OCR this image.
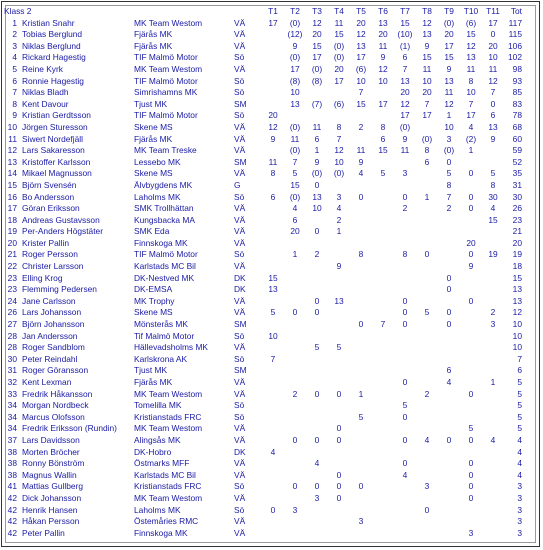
Klass 2				T1	T2	T3	T4	T5	T6	T7	T8	T9	T10	T11	Tot
1	Kristian Snahr	MK Team Westom	VÄ	17	(0)	12	11	20	13	15	12	(0)	(6)	17	117
2	Tobias Berglund	Fjärås MK	VÄ		(12)	20	15	12	20	(10)	13	20	15	0	115
3	Niklas Berglund	Fjärås MK	VÄ		9	15	(0)	13	11	(1)	9	17	12	20	106
4	Rickard Hagestig	TIF Malmö Motor	Sö		(0)	17	(0)	17	9	6	15	15	13	10	102
5	Reine Kyrk	MK Team Westom	VÄ		17	(0)	20	(6)	12	7	11	9	11	11	98
6	Ronnie Hagestig	TIF Malmö Motor	Sö		(8)	(8)	17	10	10	13	10	13	8	12	93
7	Niklas Bladh	Simrishamns MK	Sö		10			7		20	20	11	10	7	85
8	Kent Davour	Tjust MK	SM		13	(7)	(6)	15	17	12	7	12	7	0	83
9	Kristian Gerdtsson	TIF Malmö Motor	Sö	20						17	17	1	17	6	78
10	Jörgen Sturesson	Skene MS	VÄ	12	(0)	11	8	2	8	(0)		10	4	13	68
11	Siwert Nordefjäll	Fjärås MK	VÄ	9	11	6	7		6	9	(0)	3	(2)	9	60
12	Lars Sakaresson	MK Team Treske	VÄ		(0)	1	12	11	15	11	8	(0)	1		59
13	Kristoffer Karlsson	Lessebo MK	SM	11	7	9	10	9			6	0			52
14	Mikael Magnusson	Skene MS	VÄ	8	5	(0)	(0)	4	5	3		5	0	5	35
15	Björn Svensén	Älvbygdens MK	G		15	0						8		8	31
16	Bo Andersson	Laholms MK	Sö	6	(0)	13	3	0		0	1	7	0	30	30
17	Göran Eriksson	SMK Trollhättan	VÄ		4	10	4			2		2	0	4	26
18	Andreas Gustavsson	Kungsbacka MA	VÄ		6		2							15	23
19	Per-Anders Högstäter	SMK Eda	VÄ		20	0	1								21
20	Krister Pallin	Finnskoga MK	VÄ										20		20
21	Roger Persson	TIF Malmö Motor	Sö		1	2		8		8	0		0	19	19
22	Christer Larsson	Karlstads MC Bil	VÄ				9						9		18
23	Elling Krog	DK-Nestved MK	DK	15								0			15
23	Flemming Pedersen	DK-EMSA	DK	13								0			13
24	Jane Carlsson	MK Trophy	VÄ			0	13			0			0		13
26	Lars Johansson	Skene MS	VÄ	5	0	0				0	5	0		2	12
27	Björn Johansson	Mönsterås MK	SM					0	7	0		0		3	10
28	Jan Andersson	Tif Malmö Motor	Sö	10											10
28	Roger Sandblom	Hällevadsholms MK	VÄ			5	5								10
30	Peter Reindahl	Karlskrona AK	Sö	7											7
31	Roger Göransson	Tjust MK	SM									6			6
32	Kent Lexman	Fjärås MK	VÄ							0		4		1	5
33	Fredrik Håkansson	MK Team Westom	VÄ		2	0	0	1			2		0		5
34	Morgan Nordbeck	Tomelilla MK	Sö							5					5
34	Marcus Olofsson	Kristianstads FRC	Sö					5		0					5
34	Fredrik Eriksson (Rundin)	MK Team Westom	VÄ				0						5		5
37	Lars Davidsson	Alingsås MK	VÄ		0	0	0			0	4	0	0	4	4
38	Morten Bröcher	DK-Hobro	DK	4											4
38	Ronny Bönström	Östmarks MFF	VÄ			4				0			0		4
38	Magnus Wallin	Karlstads MC Bil	VÄ				0			4			0		4
41	Mattias Gullberg	Kristianstads FRC	Sö		0	0	0	0			3		0		3
42	Dick Johansson	MK Team Westom	VÄ			3	0						0		3
42	Henrik Hansen	Laholms MK	Sö	0	3						0				3
42	Håkan Persson	Östemåries RMC	VÄ					3							3
42	Peter Pallin	Finnskoga MK	VÄ										3		3
